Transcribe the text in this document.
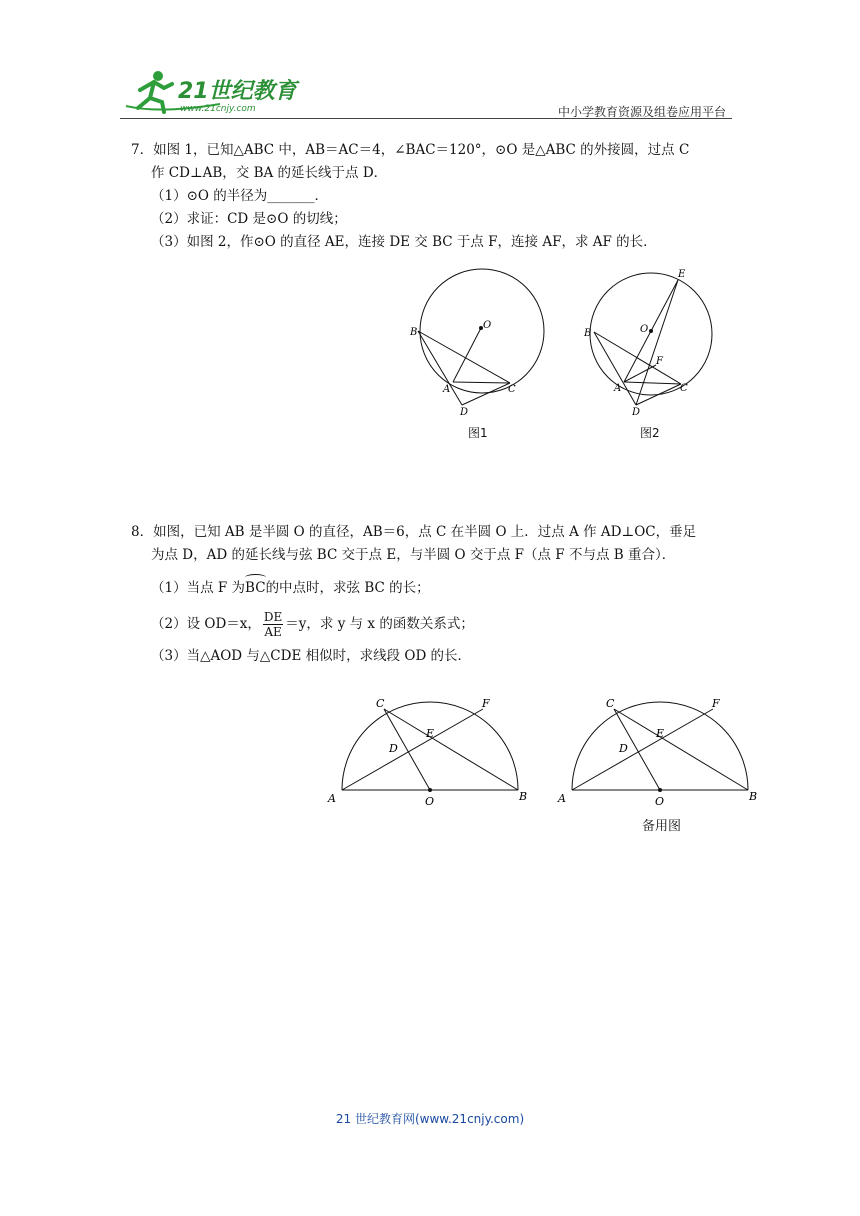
21世纪教育
www.21cnjy.com	中小学教育资源及组卷应用平台
7．如图 1，已知△ABC 中，AB＝AC＝4，∠BAC＝120°，⊙O 是△ABC 的外接圆，过点 C
作 CD⊥AB，交 BA 的延长线于点 D．
（1）⊙O 的半径为_______．
（2）求证：CD 是⊙O 的切线；
（3）如图 2，作⊙O 的直径 AE，连接 DE 交 BC 于点 F，连接 AF，求 AF 的长．
B
O
A	C
D
图1
E
B	O
F
A	C
D
图2
8．如图，已知 AB 是半圆 O 的直径，AB＝6，点 C 在半圆 O 上．过点 A 作 AD⊥OC，垂足
为点 D，AD 的延长线与弦 BC 交于点 E，与半圆 O 交于点 F（点 F 不与点 B 重合）．
（1）当点 F 为BC的中点时，求弦 BC 的长；
（2）设 OD＝x， $\frac{DE}{AE} =y$，求 y 与 x 的函数关系式；
（3）当△AOD 与△CDE 相似时，求线段 OD 的长．
C	F
D
E
A	O	B
C	F
D
E
A	O	B
备用图
21 世纪教育网(www.21cnjy.com)
